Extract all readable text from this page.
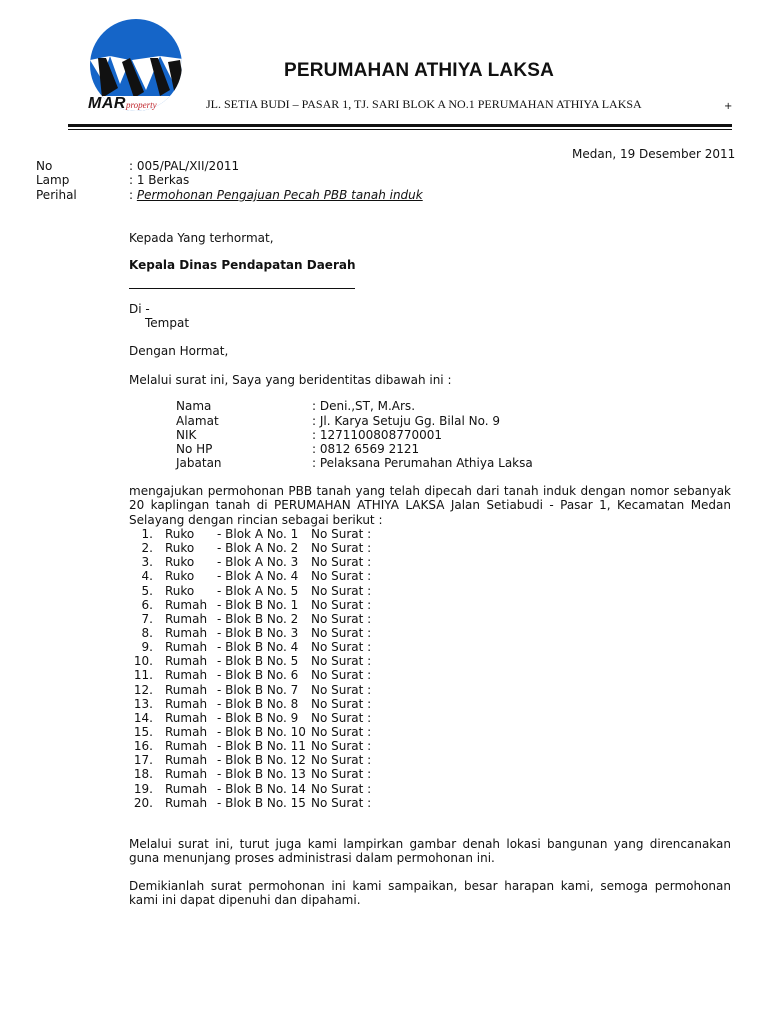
MARproperty
PERUMAHAN ATHIYA LAKSA
JL. SETIA BUDI – PASAR 1, TJ. SARI BLOK A NO.1 PERUMAHAN ATHIYA LAKSA	+
Medan, 19 Desember 2011
No	: 005/PAL/XII/2011
Lamp	: 1 Berkas
Perihal	: Permohonan Pengajuan Pecah PBB tanah induk
Kepada Yang terhormat,
Kepala Dinas Pendapatan Daerah
Di -
Tempat
Dengan Hormat,
Melalui surat ini, Saya yang beridentitas dibawah ini :
Nama	: Deni.,ST, M.Ars.
Alamat	: Jl. Karya Setuju Gg. Bilal No. 9
NIK	: 1271100808770001
No HP	: 0812 6569 2121
Jabatan	: Pelaksana Perumahan Athiya Laksa
mengajukan permohonan PBB tanah yang telah dipecah dari tanah induk dengan nomor sebanyak 20 kaplingan tanah di PERUMAHAN ATHIYA LAKSA Jalan Setiabudi - Pasar 1, Kecamatan Medan Selayang dengan rincian sebagai berikut :
1. Ruko - Blok A No. 1 No Surat :
2. Ruko - Blok A No. 2 No Surat :
3. Ruko - Blok A No. 3 No Surat :
4. Ruko - Blok A No. 4 No Surat :
5. Ruko - Blok A No. 5 No Surat :
6. Rumah - Blok B No. 1 No Surat :
7. Rumah - Blok B No. 2 No Surat :
8. Rumah - Blok B No. 3 No Surat :
9. Rumah - Blok B No. 4 No Surat :
10. Rumah - Blok B No. 5 No Surat :
11. Rumah - Blok B No. 6 No Surat :
12. Rumah - Blok B No. 7 No Surat :
13. Rumah - Blok B No. 8 No Surat :
14. Rumah - Blok B No. 9 No Surat :
15. Rumah - Blok B No. 10 No Surat :
16. Rumah - Blok B No. 11 No Surat :
17. Rumah - Blok B No. 12 No Surat :
18. Rumah - Blok B No. 13 No Surat :
19. Rumah - Blok B No. 14 No Surat :
20. Rumah - Blok B No. 15 No Surat :
Melalui surat ini, turut juga kami lampirkan gambar denah lokasi bangunan yang direncanakan guna menunjang proses administrasi dalam permohonan ini.
Demikianlah surat permohonan ini kami sampaikan, besar harapan kami, semoga permohonan kami ini dapat dipenuhi dan dipahami.
